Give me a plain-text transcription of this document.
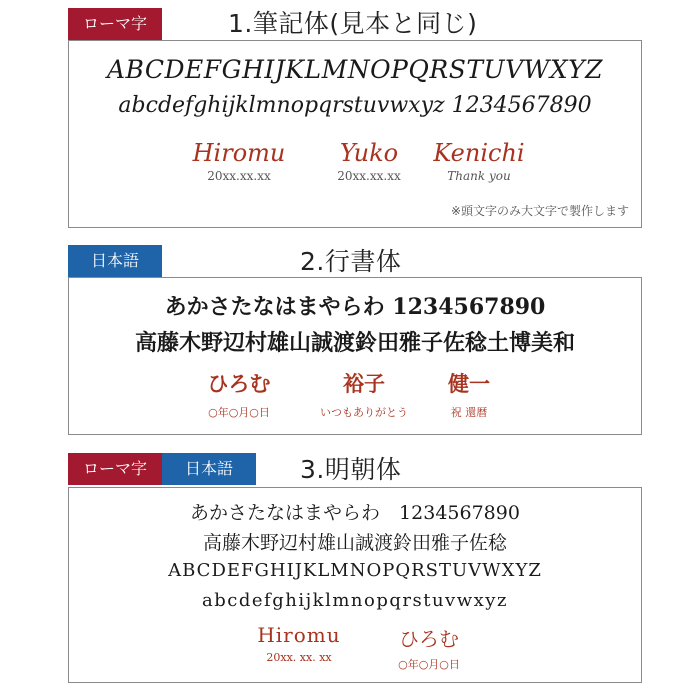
ローマ字	1.筆記体(見本と同じ)
ABCDEFGHIJKLMNOPQRSTUVWXYZ
abcdefghijklmnopqrstuvwxyz 1234567890
Hiromu
20xx.xx.xx
Yuko
20xx.xx.xx
Kenichi
Thank you
※頭文字のみ大文字で製作します
日本語	2.行書体
あかさたなはまやらわ 1234567890
高藤木野辺村雄山誠渡鈴田雅子佐稔土博美和
ひろむ
○年○月○日
裕子
いつもありがとう
健一
祝 還暦
ローマ字	日本語	3.明朝体
あかさたなはまやらわ　1234567890
高藤木野辺村雄山誠渡鈴田雅子佐稔
ABCDEFGHIJKLMNOPQRSTUVWXYZ
abcdefghijklmnopqrstuvwxyz
Hiromu
20xx. xx. xx
ひろむ
○年○月○日
